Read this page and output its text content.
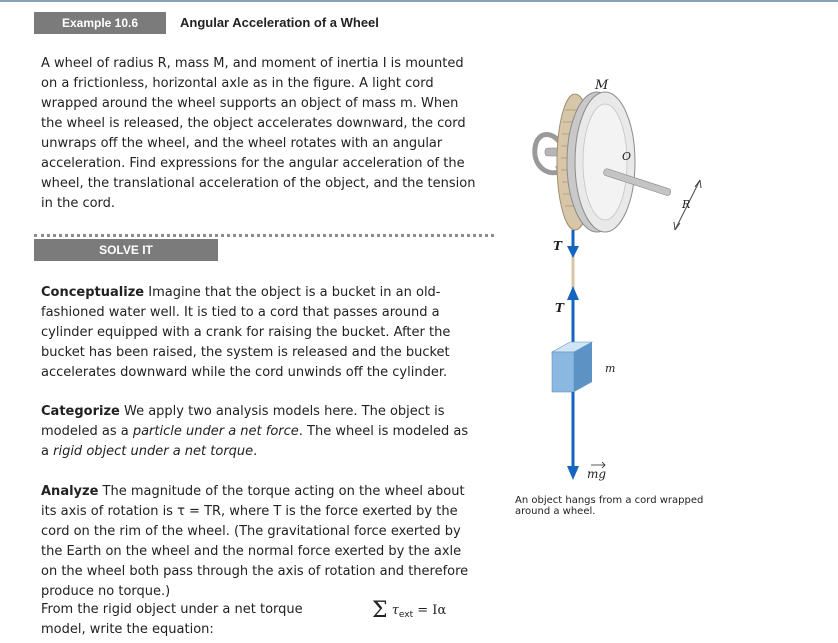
Example 10.6	Angular Acceleration of a Wheel
A wheel of radius R, mass M, and moment of inertia I is mounted on a frictionless, horizontal axle as in the figure. A light cord wrapped around the wheel supports an object of mass m. When the wheel is released, the object accelerates downward, the cord unwraps off the wheel, and the wheel rotates with an angular acceleration. Find expressions for the angular acceleration of the wheel, the translational acceleration of the object, and the tension in the cord.
SOLVE IT
Conceptualize Imagine that the object is a bucket in an old-fashioned water well. It is tied to a cord that passes around a cylinder equipped with a crank for raising the bucket. After the bucket has been raised, the system is released and the bucket accelerates downward while the cord unwinds off the cylinder.
Categorize We apply two analysis models here. The object is modeled as a particle under a net force. The wheel is modeled as a rigid object under a net torque.
Analyze The magnitude of the torque acting on the wheel about its axis of rotation is τ = TR, where T is the force exerted by the cord on the rim of the wheel. (The gravitational force exerted by the Earth on the wheel and the normal force exerted by the axle on the wheel both pass through the axis of rotation and therefore produce no torque.)
From the rigid object under a net torque model, write the equation:
Σ $\tau_{ext} = I\alpha$
O
M
R
T
T
m
mg
An object hangs from a cord wrapped around a wheel.
